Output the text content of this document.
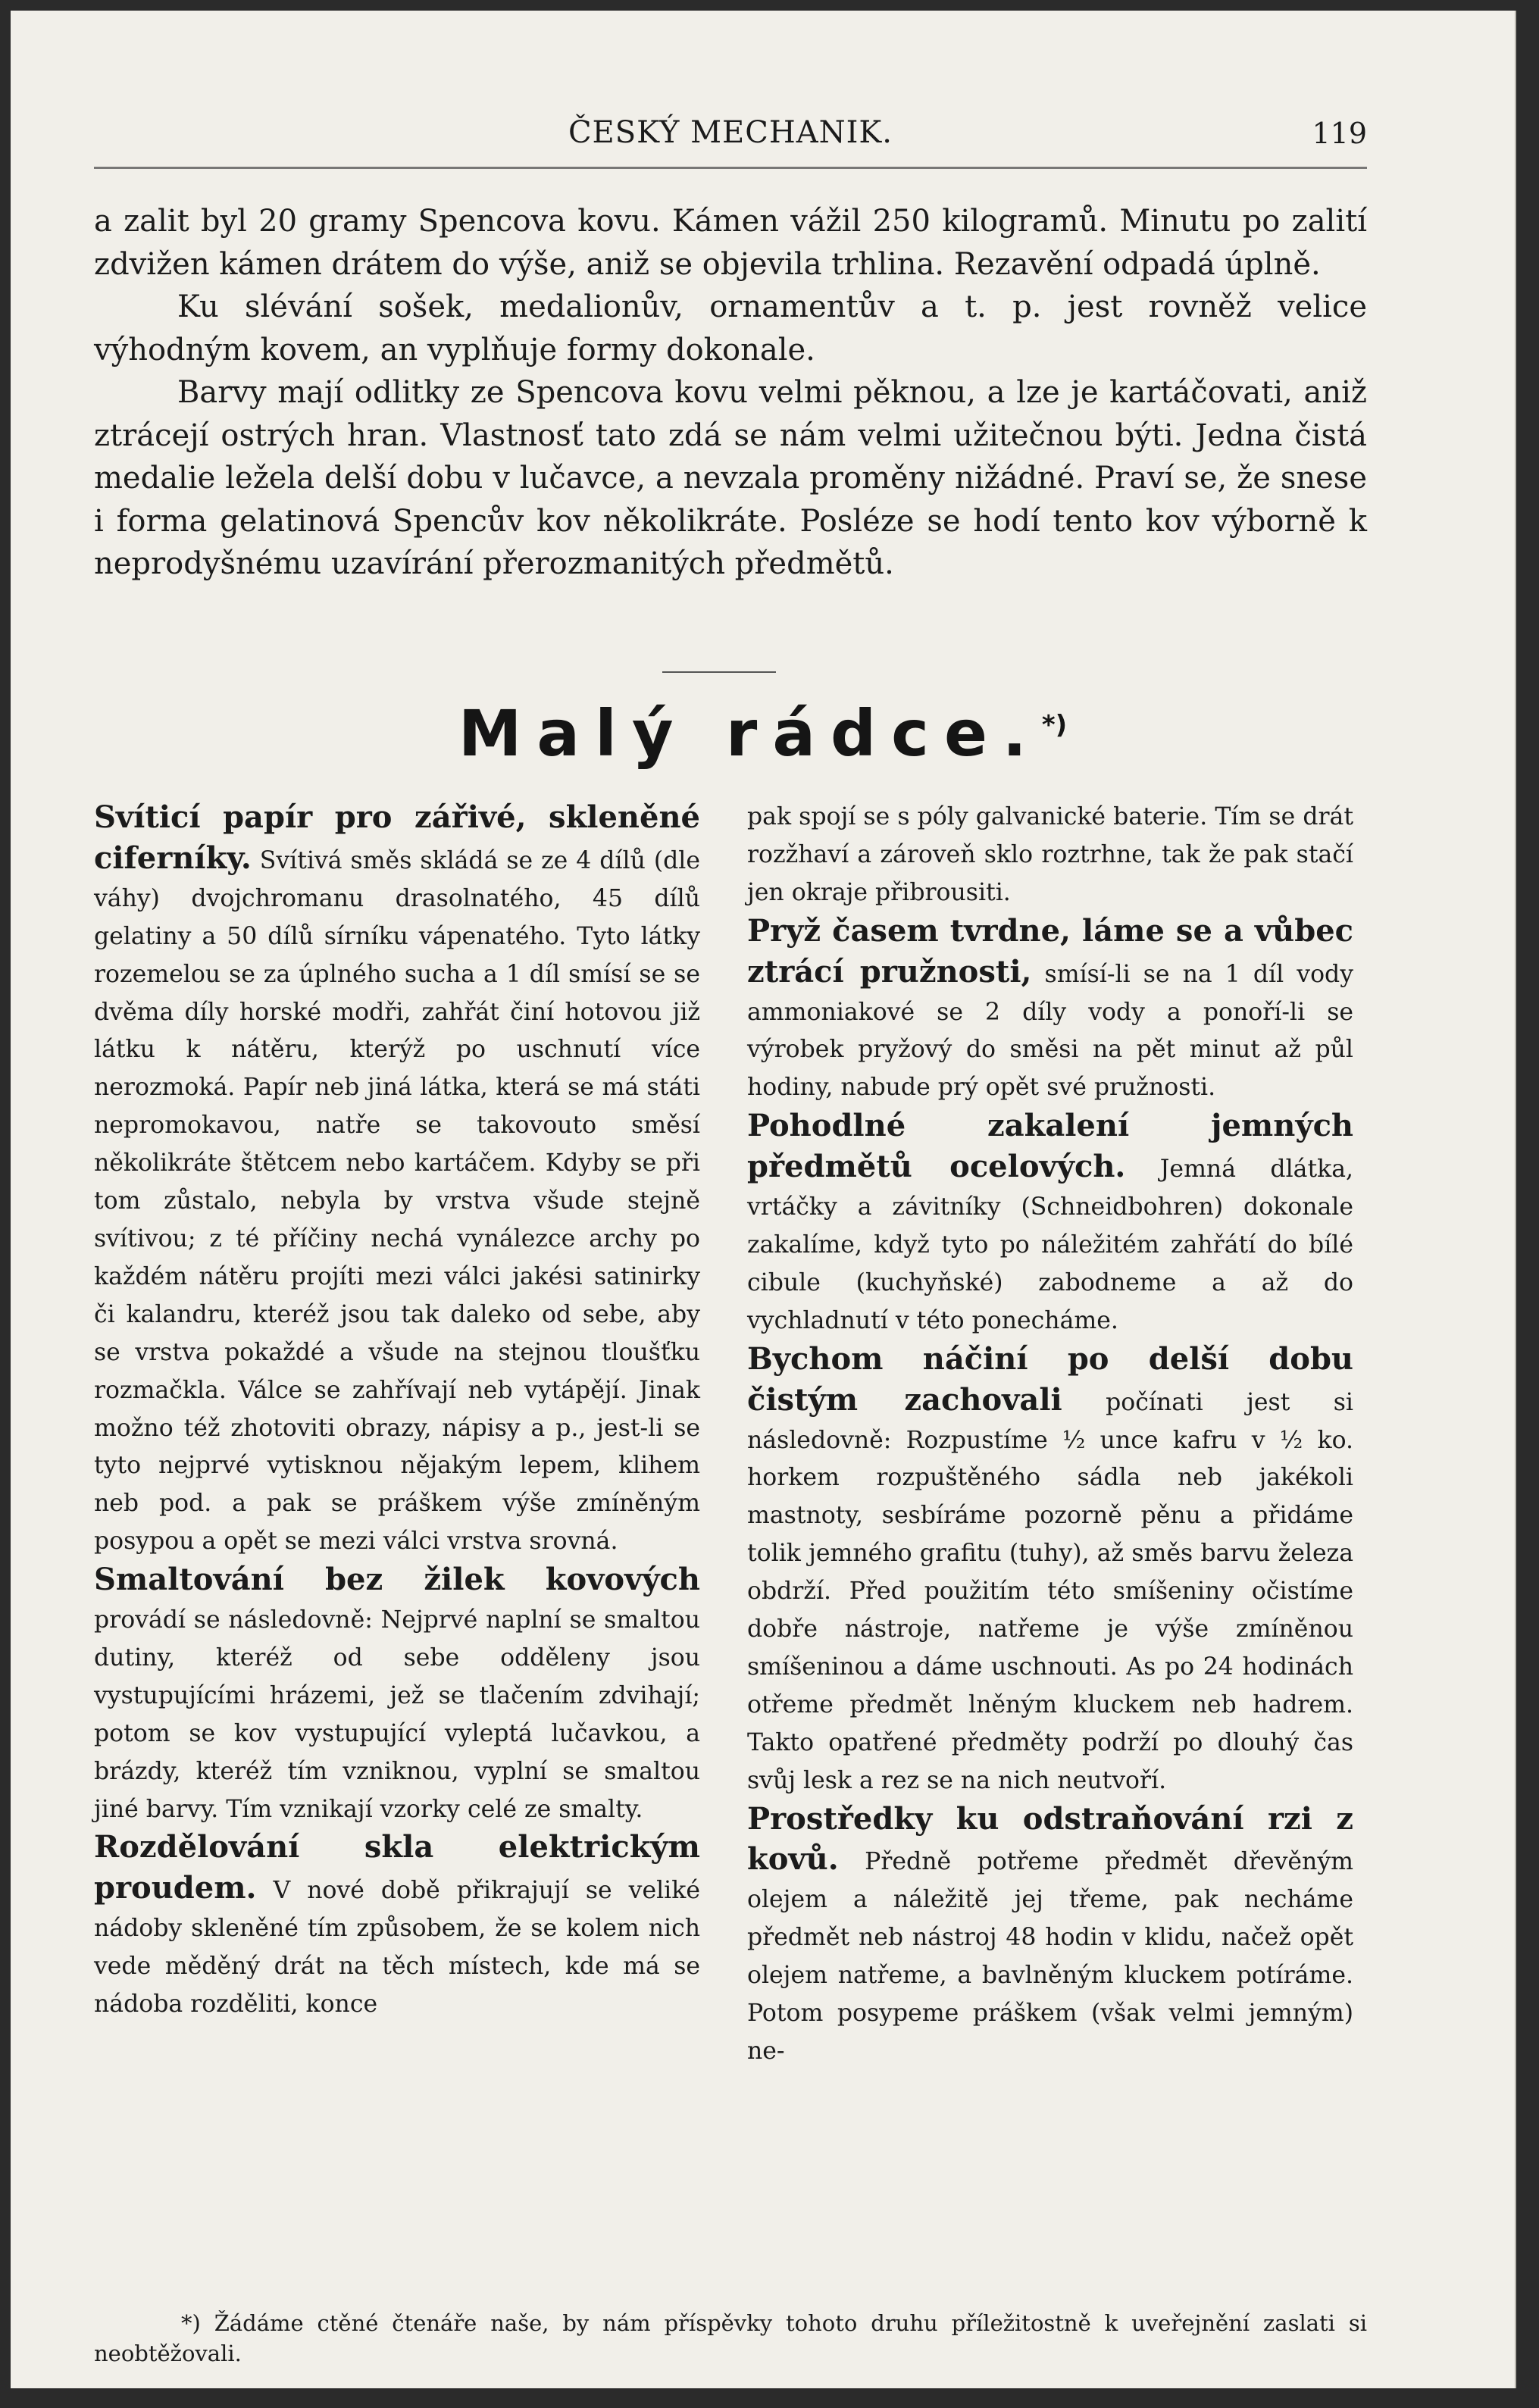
ČESKÝ MECHANIK.	119

a zalit byl 20 gramy Spencova kovu. Kámen vážil 250 kilogramů. Minutu po zalití zdvižen kámen drátem do výše, aniž se objevila trhlina. Rezavění odpadá úplně.

Ku slévání sošek, medalionův, ornamentův a t. p. jest rovněž velice výhodným kovem, an vyplňuje formy dokonale.

Barvy mají odlitky ze Spencova kovu velmi pěknou, a lze je kartáčovati, aniž ztrácejí ostrých hran. Vlastnosť tato zdá se nám velmi užitečnou býti. Jedna čistá medalie ležela delší dobu v lučavce, a nevzala proměny nižádné. Praví se, že snese i forma gelatinová Spencův kov několikráte. Posléze se hodí tento kov výborně k neprodyšnému uzavírání přerozmanitých předmětů.

Malý rádce.*)

Svíticí papír pro zářivé, skleněné ciferníky. Svítivá směs skládá se ze 4 dílů (dle váhy) dvojchromanu drasolnatého, 45 dílů gelatiny a 50 dílů sírníku vápenatého. Tyto látky rozemelou se za úplného sucha a 1 díl smísí se se dvěma díly horské modři, zahřát činí hotovou již látku k nátěru, kterýž po uschnutí více nerozmoká. Papír neb jiná látka, která se má státi nepromokavou, natře se takovouto směsí několikráte štětcem nebo kartáčem. Kdyby se při tom zůstalo, nebyla by vrstva všude stejně svítivou; z té příčiny nechá vynálezce archy po každém nátěru projíti mezi válci jakési satinirky či kalandru, kteréž jsou tak daleko od sebe, aby se vrstva pokaždé a všude na stejnou tloušťku rozmačkla. Válce se zahřívají neb vytápějí. Jinak možno též zhotoviti obrazy, nápisy a p., jest-li se tyto nejprvé vytisknou nějakým lepem, klihem neb pod. a pak se práškem výše zmíněným posypou a opět se mezi válci vrstva srovná.

Smaltování bez žilek kovových provádí se následovně: Nejprvé naplní se smaltou dutiny, kteréž od sebe odděleny jsou vystupujícími hrázemi, jež se tlačením zdvihají; potom se kov vystupující vyleptá lučavkou, a brázdy, kteréž tím vzniknou, vyplní se smaltou jiné barvy. Tím vznikají vzorky celé ze smalty.

Rozdělování skla elektrickým proudem. V nové době přikrajují se veliké nádoby skleněné tím způsobem, že se kolem nich vede měděný drát na těch místech, kde má se nádoba rozděliti, konce

pak spojí se s póly galvanické baterie. Tím se drát rozžhaví a zároveň sklo roztrhne, tak že pak stačí jen okraje přibrousiti.

Pryž časem tvrdne, láme se a vůbec ztrácí pružnosti, smísí-li se na 1 díl vody ammoniakové se 2 díly vody a ponoří-li se výrobek pryžový do směsi na pět minut až půl hodiny, nabude prý opět své pružnosti.

Pohodlné zakalení jemných předmětů ocelových. Jemná dlátka, vrtáčky a závitníky (Schneidbohren) dokonale zakalíme, když tyto po náležitém zahřátí do bílé cibule (kuchyňské) zabodneme a až do vychladnutí v této ponecháme.

Bychom náčiní po delší dobu čistým zachovali počínati jest si následovně: Rozpustíme ½ unce kafru v ½ ko. horkem rozpuštěného sádla neb jakékoli mastnoty, sesbíráme pozorně pěnu a přidáme tolik jemného grafitu (tuhy), až směs barvu železa obdrží. Před použitím této smíšeniny očistíme dobře nástroje, natřeme je výše zmíněnou smíšeninou a dáme uschnouti. As po 24 hodinách otřeme předmět lněným kluckem neb hadrem. Takto opatřené předměty podrží po dlouhý čas svůj lesk a rez se na nich neutvoří.

Prostředky ku odstraňování rzi z kovů. Předně potřeme předmět dřevěným olejem a náležitě jej třeme, pak necháme předmět neb nástroj 48 hodin v klidu, načež opět olejem natřeme, a bavlněným kluckem potíráme. Potom posypeme práškem (však velmi jemným) ne-

*) Žádáme ctěné čtenáře naše, by nám příspěvky tohoto druhu příležitostně k uveřejnění zaslati si neobtěžovali.
